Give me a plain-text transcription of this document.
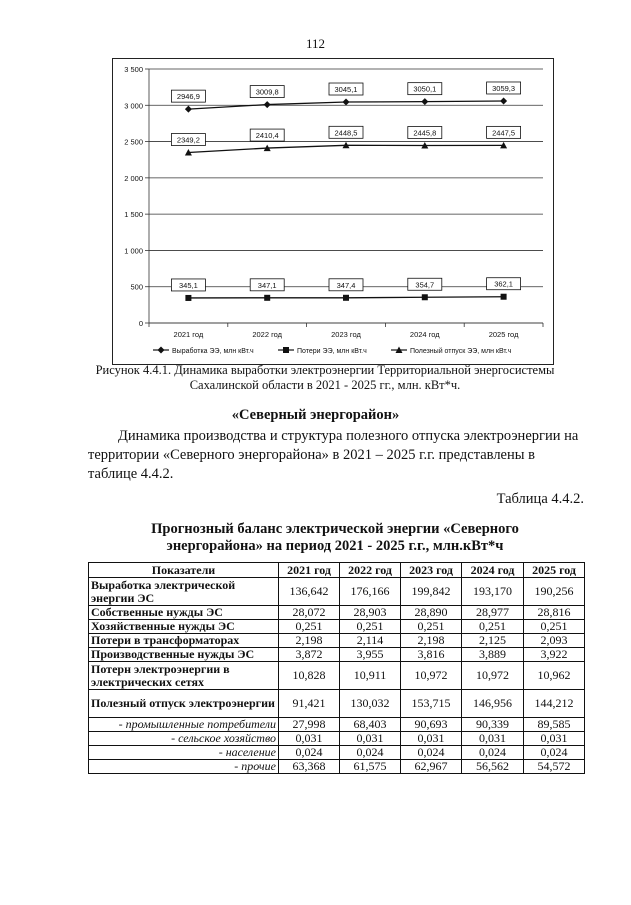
112
0
500
1 000
1 500
2 000
2 500
3 000
3 500
2021 год	2022 год	2023 год	2024 год	2025 год
2946,9
3009,8	3045,1	3050,1	3059,3
345,1	347,1	347,4	354,7	362,1
2349,2	2410,4	2448,5	2445,8	2447,5
Выработка ЭЭ, млн кВт.ч	Потери ЭЭ, млн кВт.ч	Полезный отпуск ЭЭ, млн кВт.ч
Рисунок 4.4.1. Динамика выработки электроэнергии Территориальной энергосистемы Сахалинской области в 2021 - 2025 гг., млн. кВт*ч.
«Северный энергорайон»
Динамика производства и структура полезного отпуска электроэнергии на территории «Северного энергорайона» в 2021 – 2025 г.г. представлены в таблице 4.4.2.
Таблица 4.4.2.
Прогнозный баланс электрической энергии «Северного энергорайона» на период 2021 - 2025 г.г., млн.кВт*ч
Показатели	2021 год	2022 год	2023 год	2024 год	2025 год
Выработка электрической энергии ЭС	136,642	176,166	199,842	193,170	190,256
Собственные нужды ЭС	28,072	28,903	28,890	28,977	28,816
Хозяйственные нужды ЭС	0,251	0,251	0,251	0,251	0,251
Потери в трансформаторах	2,198	2,114	2,198	2,125	2,093
Производственные нужды ЭС	3,872	3,955	3,816	3,889	3,922
Потерн электроэнергии в электрических сетях	10,828	10,911	10,972	10,972	10,962
Полезный отпуск электроэнергии	91,421	130,032	153,715	146,956	144,212
- промышленные потребители	27,998	68,403	90,693	90,339	89,585
- сельское хозяйство	0,031	0,031	0,031	0,031	0,031
- население	0,024	0,024	0,024	0,024	0,024
- прочие	63,368	61,575	62,967	56,562	54,572
